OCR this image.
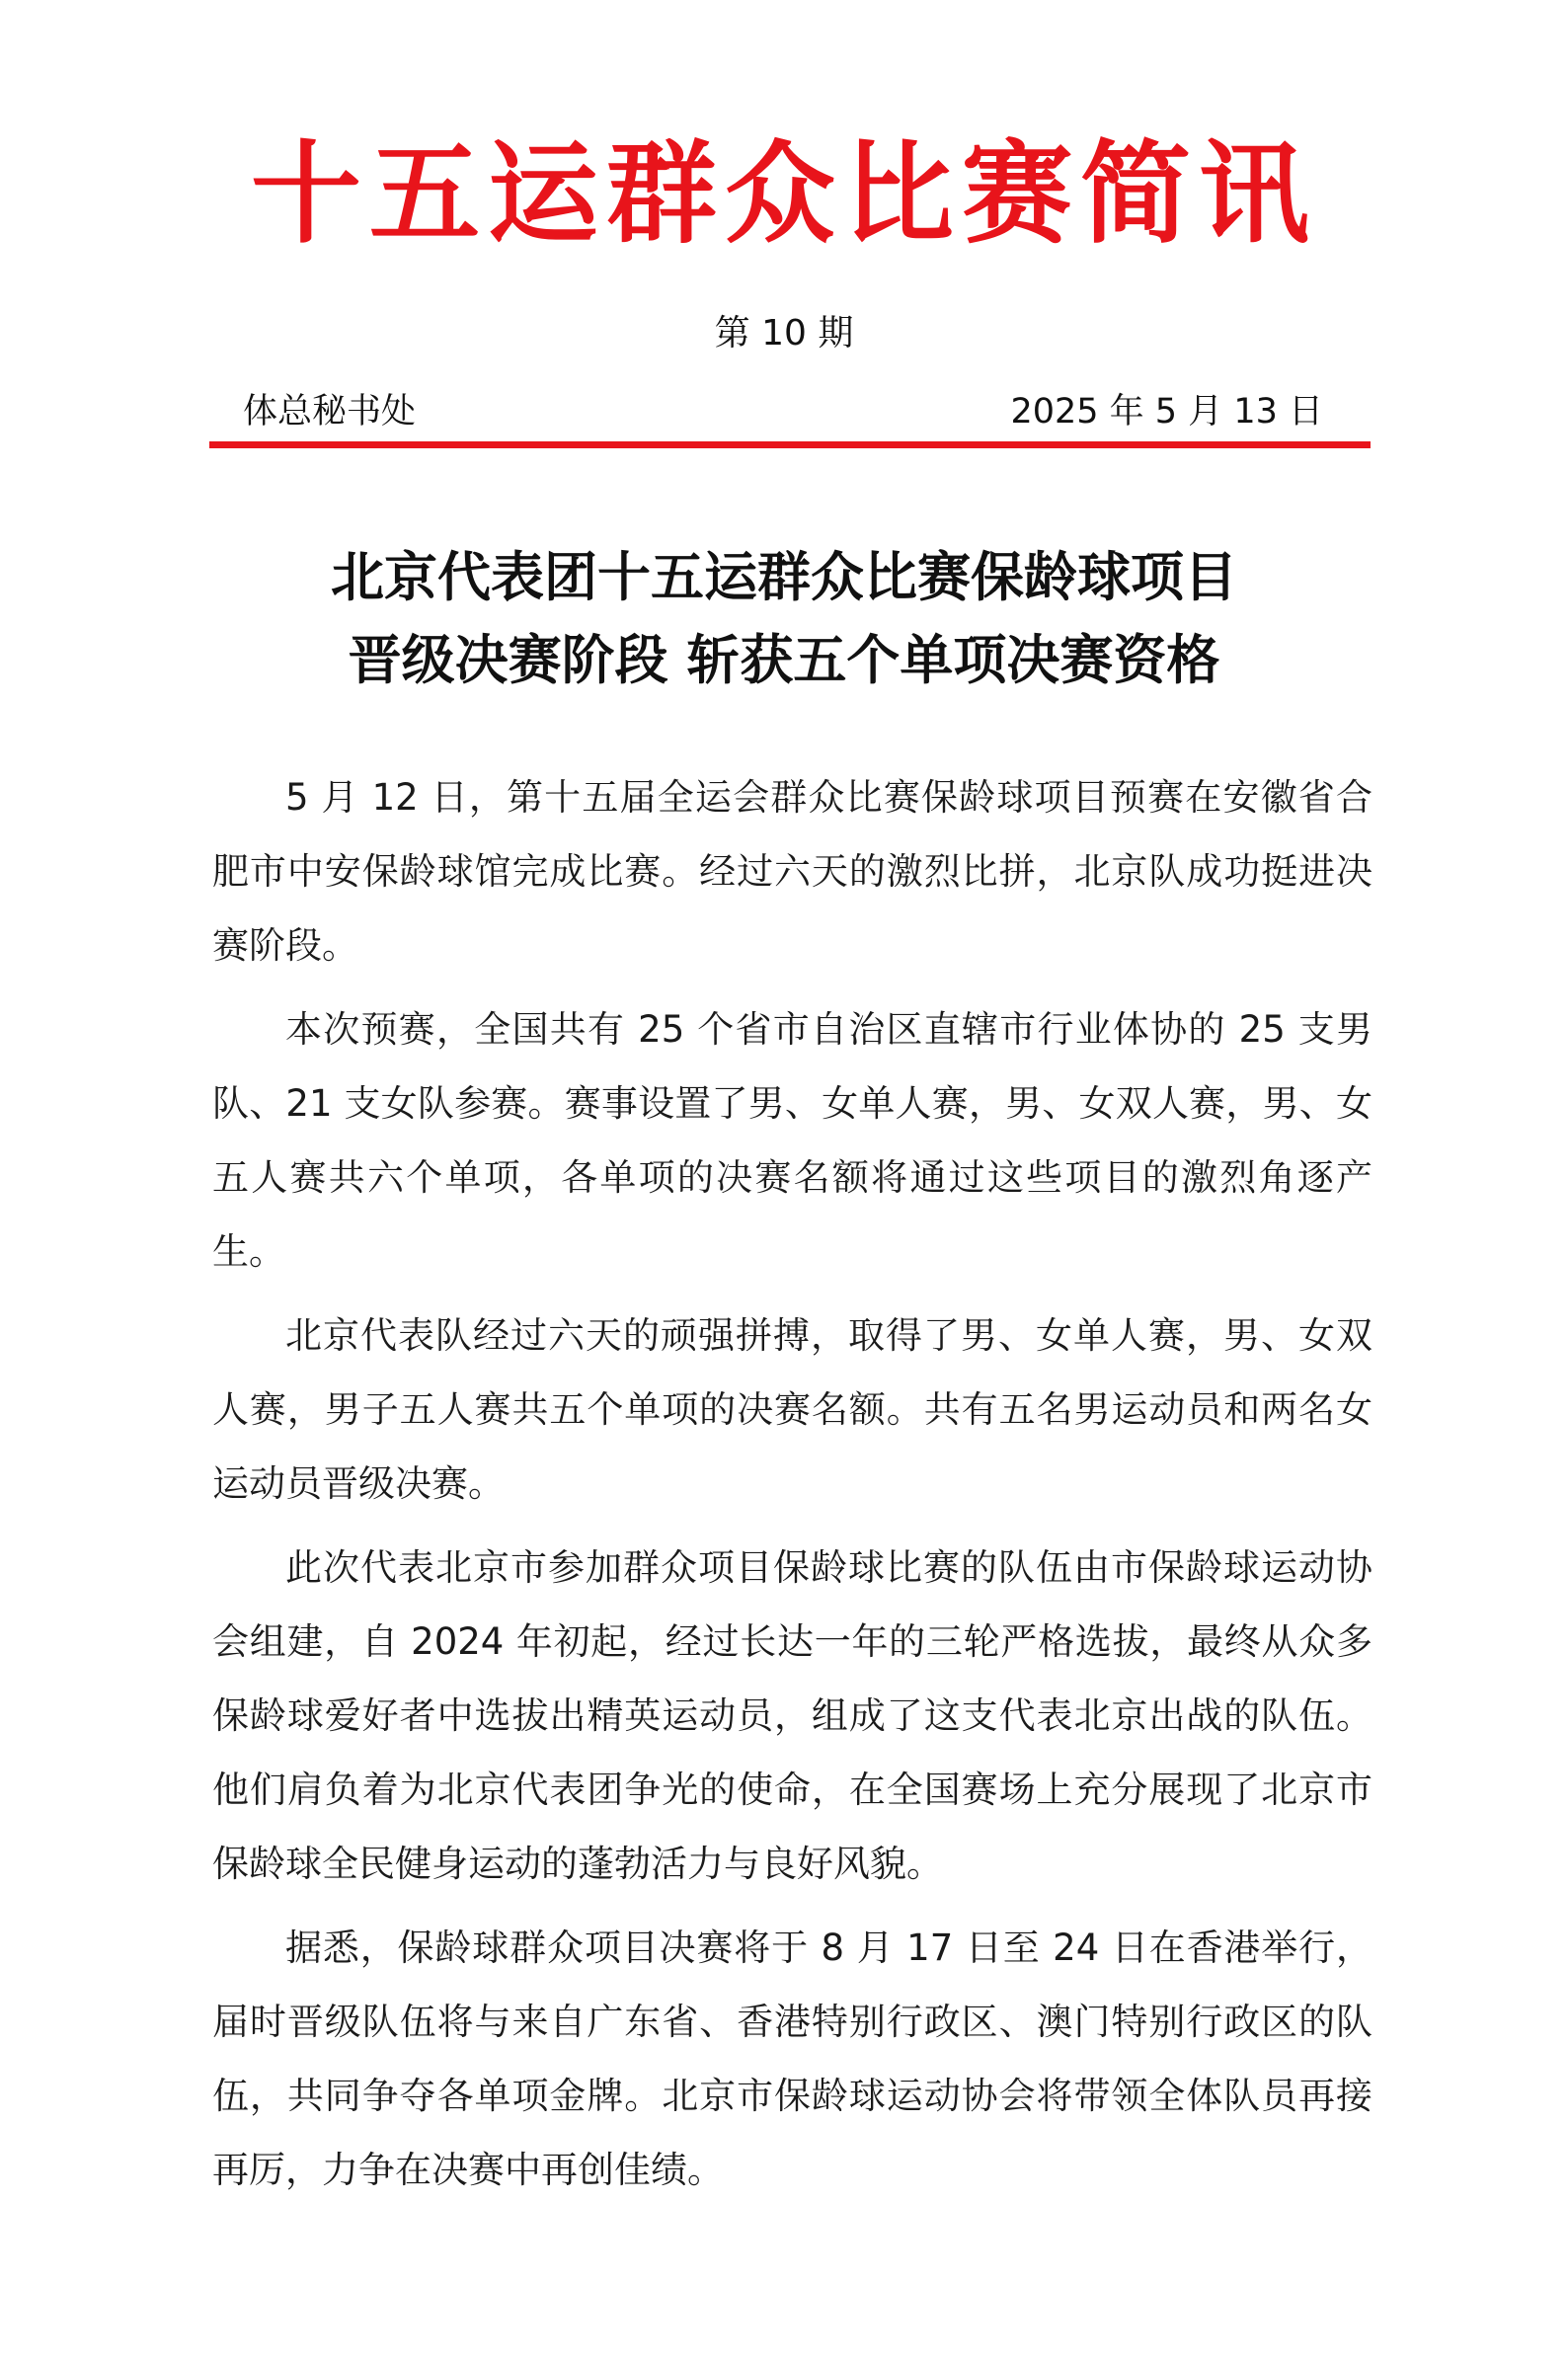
十五运群众比赛简讯
第 10 期
体总秘书处	2025 年 5 月 13 日
北京代表团十五运群众比赛保龄球项目
晋级决赛阶段 斩获五个单项决赛资格

5 月 12 日，第十五届全运会群众比赛保龄球项目预赛在安徽省合肥市中安保龄球馆完成比赛。经过六天的激烈比拼，北京队成功挺进决赛阶段。

本次预赛，全国共有 25 个省市自治区直辖市行业体协的 25 支男队、21 支女队参赛。赛事设置了男、女单人赛，男、女双人赛，男、女五人赛共六个单项，各单项的决赛名额将通过这些项目的激烈角逐产生。

北京代表队经过六天的顽强拼搏，取得了男、女单人赛，男、女双人赛，男子五人赛共五个单项的决赛名额。共有五名男运动员和两名女运动员晋级决赛。

此次代表北京市参加群众项目保龄球比赛的队伍由市保龄球运动协会组建，自 2024 年初起，经过长达一年的三轮严格选拔，最终从众多保龄球爱好者中选拔出精英运动员，组成了这支代表北京出战的队伍。他们肩负着为北京代表团争光的使命，在全国赛场上充分展现了北京市保龄球全民健身运动的蓬勃活力与良好风貌。

据悉，保龄球群众项目决赛将于 8 月 17 日至 24 日在香港举行，届时晋级队伍将与来自广东省、香港特别行政区、澳门特别行政区的队伍，共同争夺各单项金牌。北京市保龄球运动协会将带领全体队员再接再厉，力争在决赛中再创佳绩。
